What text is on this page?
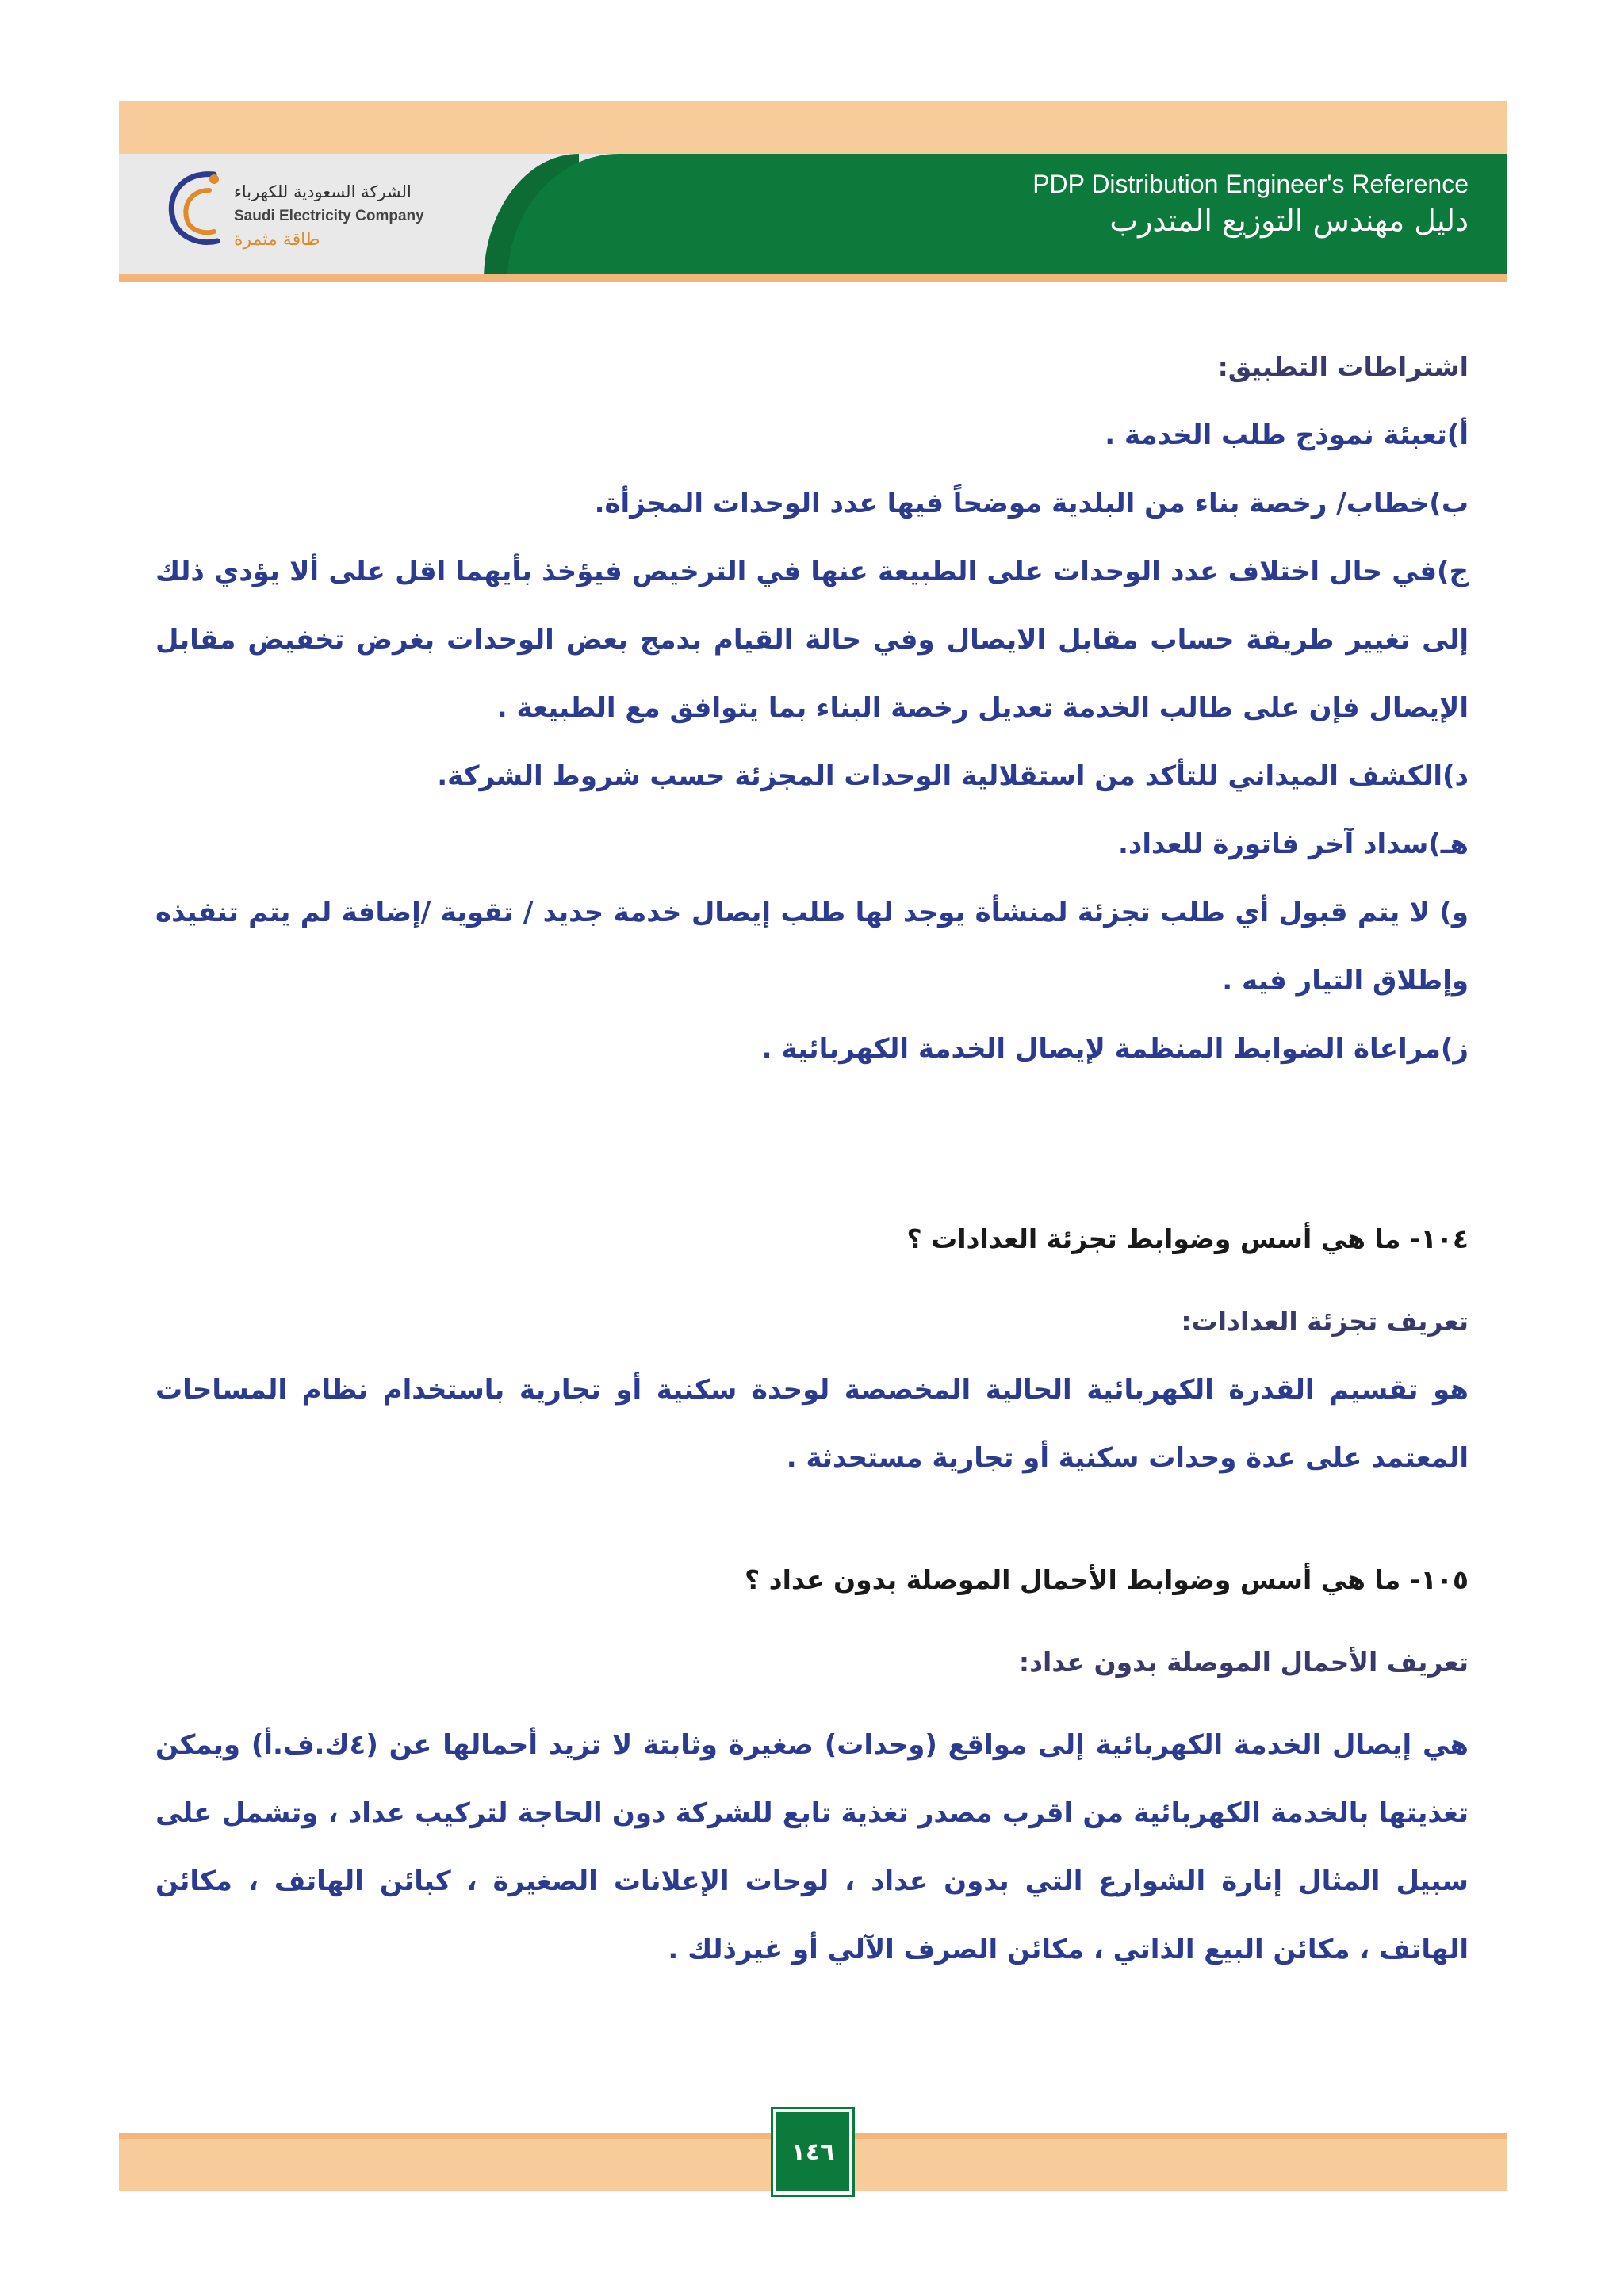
PDP Distribution Engineer's Reference
دليل مهندس التوزيع المتدرب
الشركة السعودية للكهرباء
Saudi Electricity Company
طاقة مثمرة

اشتراطات التطبيق:

أ)تعبئة نموذج طلب الخدمة .

ب)خطاب/ رخصة بناء من البلدية موضحاً فيها عدد الوحدات المجزأة.

ج)في حال اختلاف عدد الوحدات على الطبيعة عنها في الترخيص فيؤخذ بأيهما اقل على ألا يؤدي ذلك إلى تغيير طريقة حساب مقابل الايصال وفي حالة القيام بدمج بعض الوحدات بغرض تخفيض مقابل الإيصال فإن على طالب الخدمة تعديل رخصة البناء بما يتوافق مع الطبيعة .

د)الكشف الميداني للتأكد من استقلالية الوحدات المجزئة حسب شروط الشركة.

هـ)سداد آخر فاتورة للعداد.

و) لا يتم قبول أي طلب تجزئة لمنشأة يوجد لها طلب إيصال خدمة جديد / تقوية /إضافة لم يتم تنفيذه وإطلاق التيار فيه .

ز)مراعاة الضوابط المنظمة لإيصال الخدمة الكهربائية .

١٠٤- ما هي أسس وضوابط تجزئة العدادات ؟

تعريف تجزئة العدادات:

هو تقسيم القدرة الكهربائية الحالية المخصصة لوحدة سكنية أو تجارية باستخدام نظام المساحات المعتمد على عدة وحدات سكنية أو تجارية مستحدثة .

١٠٥- ما هي أسس وضوابط الأحمال الموصلة بدون عداد ؟

تعريف الأحمال الموصلة بدون عداد:

هي إيصال الخدمة الكهربائية إلى مواقع (وحدات) صغيرة وثابتة لا تزيد أحمالها عن (٤ك.ف.أ) ويمكن تغذيتها بالخدمة الكهربائية من اقرب مصدر تغذية تابع للشركة دون الحاجة لتركيب عداد ، وتشمل على سبيل المثال إنارة الشوارع التي بدون عداد ، لوحات الإعلانات الصغيرة ، كبائن الهاتف ، مكائن الهاتف ، مكائن البيع الذاتي ، مكائن الصرف الآلي أو غيرذلك .

١٤٦
